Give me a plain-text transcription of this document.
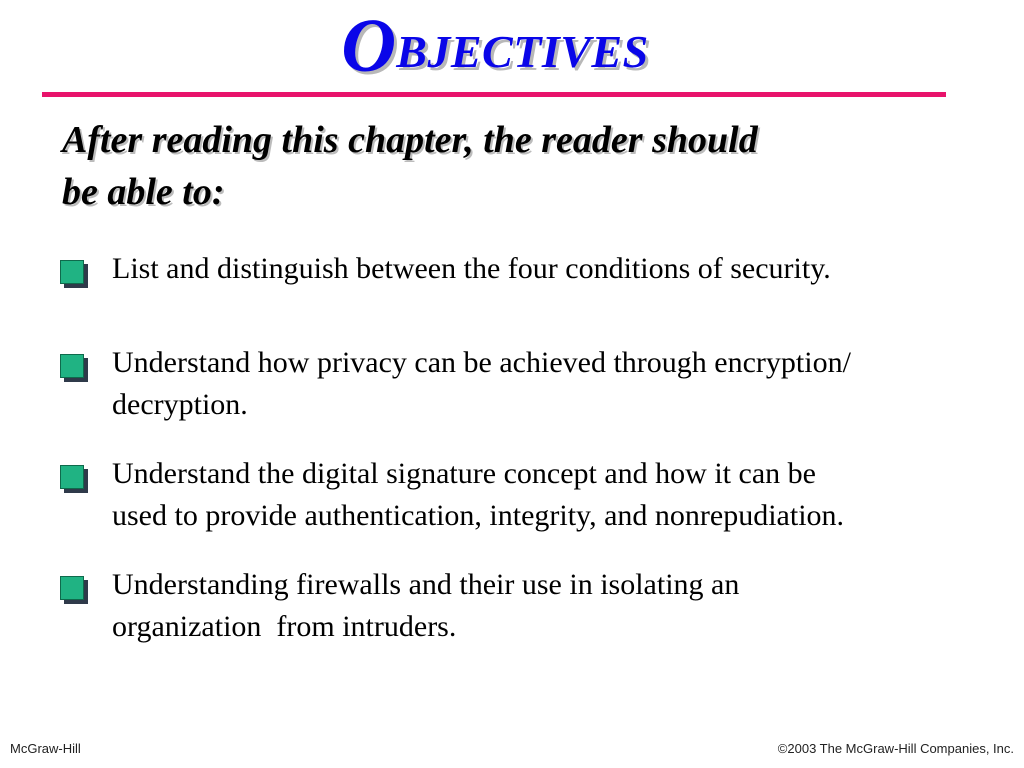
OBJECTIVES
After reading this chapter, the reader should
be able to:
List and distinguish between the four conditions of security.
Understand how privacy can be achieved through encryption/
decryption.
Understand the digital signature concept and how it can be
used to provide authentication, integrity, and nonrepudiation.
Understanding firewalls and their use in isolating an
organization  from intruders.
McGraw-Hill	©2003 The McGraw-Hill Companies, Inc.
